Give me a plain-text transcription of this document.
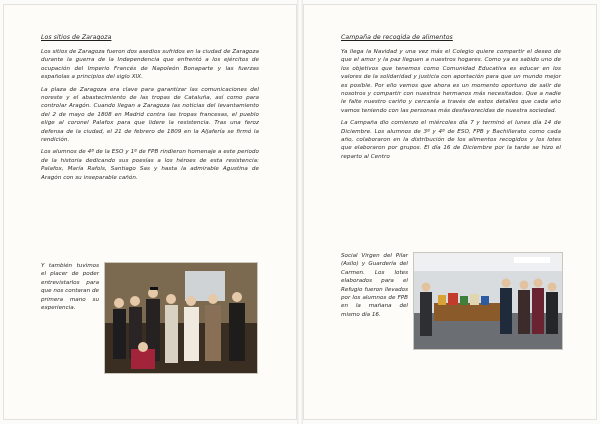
Los sitios de Zaragoza

Los sitios de Zaragoza fueron dos asedios sufridos en la ciudad de Zaragoza durante la guerra de la Independencia que enfrentó a los ejércitos de ocupación del Imperio Francés de Napoleón Bonaparte y las fuerzas españolas a principios del siglo XIX.

La plaza de Zaragoza era clave para garantizar las comunicaciones del noreste y el abastecimiento de las tropas de Cataluña, así como para controlar Aragón. Cuando llegan a Zaragoza las noticias del levantamiento del 2 de mayo de 1808 en Madrid contra las tropas francesas, el pueblo elige al coronel Palafox para que lidere la resistencia. Tras una feroz defensa de la ciudad, el 21 de febrero de 1809 en la Aljafería se firmó la rendición.

Los alumnos de 4º de la ESO y 1º de FPB rindieron homenaje a este periodo de la historia dedicando sus poesías a los héroes de esta resistencia: Palafox, María Rafols, Santiago Sas y hasta la admirable Agustina de Aragón con su inseparable cañón.

Y también tuvimos el placer de poder entrevistarlos para que nos contaran de primera mano su experiencia.
Campaña de recogida de alimentos

Ya llega la Navidad y una vez más el Colegio quiere compartir el deseo de que el amor y la paz lleguen a nuestros hogares. Como ya es sabido uno de los objetivos que tenemos como Comunidad Educativa es educar en los valores de la solidaridad y justicia con aportación para que un mundo mejor es posible. Por ello vemos que ahora es un momento oportuno de salir de nosotros y compartir con nuestros hermanos más necesitados. Que a nadie le falte nuestro cariño y cercanía a través de estos detalles que cada año vamos teniendo con las personas más desfavorecidas de nuestra sociedad.

La Campaña dio comienzo el miércoles día 7 y terminó el lunes día 14 de Diciembre. Los alumnos de 3º y 4º de ESO, FPB y Bachillerato como cada año, colaboraron en la distribución de los alimentos recogidos y los lotes que elaboraron por grupos. El día 16 de Diciembre por la tarde se hizo el reparto al Centro

Social Virgen del Pilar (Asilo) y Guardería del Carmen. Los lotes elaborados para el Refugio fueron llevados por los alumnos de FPB en la mañana del mismo día 16.
